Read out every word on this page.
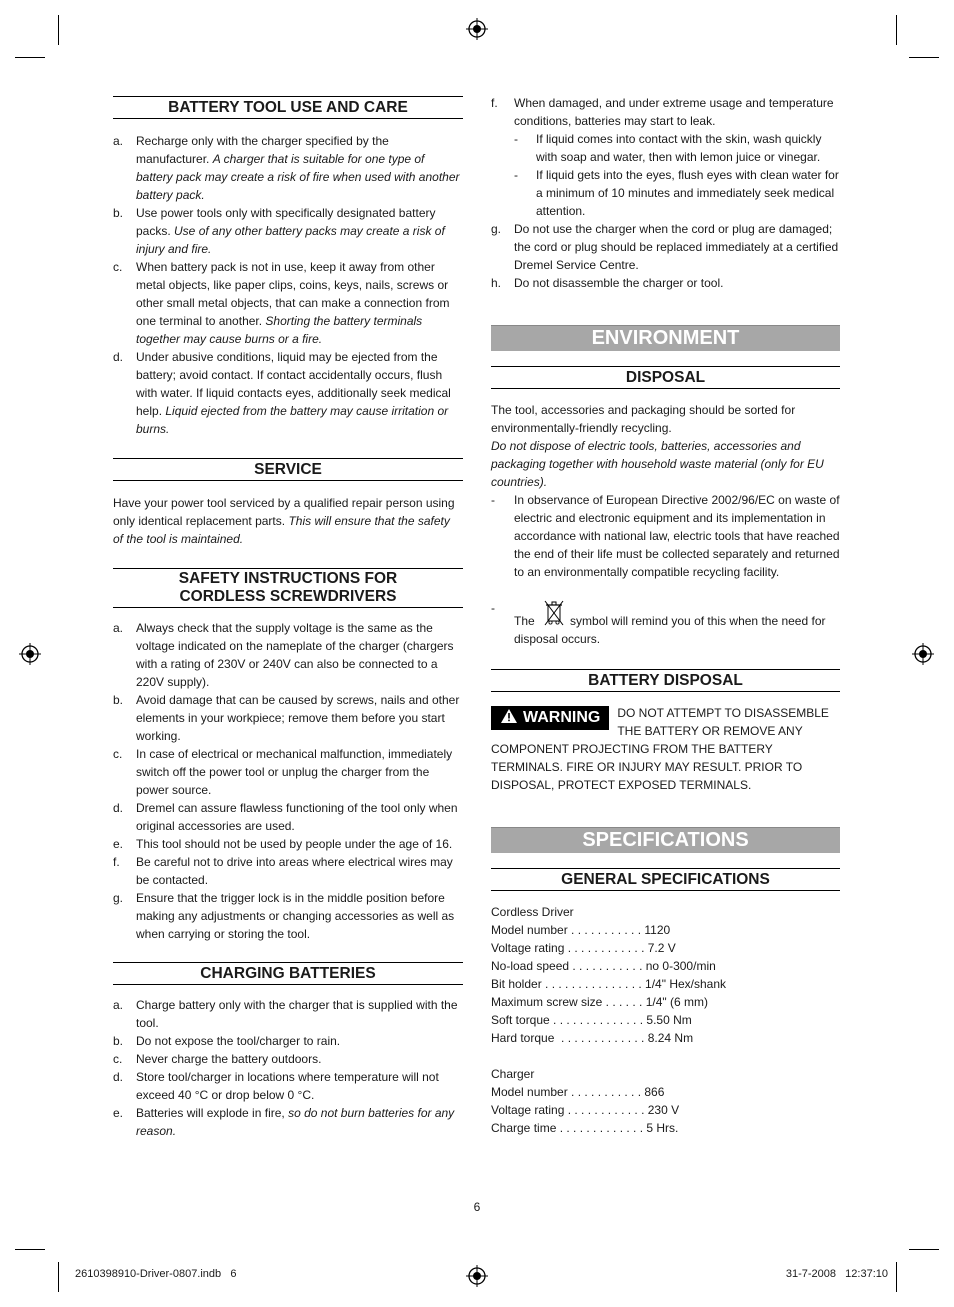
BATTERY TOOL USE AND CARE
a. Recharge only with the charger specified by the manufacturer. A charger that is suitable for one type of battery pack may create a risk of fire when used with another battery pack.
b. Use power tools only with specifically designated battery packs. Use of any other battery packs may create a risk of injury and fire.
c. When battery pack is not in use, keep it away from other metal objects, like paper clips, coins, keys, nails, screws or other small metal objects, that can make a connection from one terminal to another. Shorting the battery terminals together may cause burns or a fire.
d. Under abusive conditions, liquid may be ejected from the battery; avoid contact. If contact accidentally occurs, flush with water. If liquid contacts eyes, additionally seek medical help. Liquid ejected from the battery may cause irritation or burns.
SERVICE

Have your power tool serviced by a qualified repair person using only identical replacement parts. This will ensure that the safety of the tool is maintained.

SAFETY INSTRUCTIONS FOR
CORDLESS SCREWDRIVERS
a. Always check that the supply voltage is the same as the voltage indicated on the nameplate of the charger (chargers with a rating of 230V or 240V can also be connected to a 220V supply).
b. Avoid damage that can be caused by screws, nails and other elements in your workpiece; remove them before you start working.
c. In case of electrical or mechanical malfunction, immediately switch off the power tool or unplug the charger from the power source.
d. Dremel can assure flawless functioning of the tool only when original accessories are used.
e. This tool should not be used by people under the age of 16.
f. Be careful not to drive into areas where electrical wires may be contacted.
g. Ensure that the trigger lock is in the middle position before making any adjustments or changing accessories as well as when carrying or storing the tool.
CHARGING BATTERIES
a. Charge battery only with the charger that is supplied with the tool.
b. Do not expose the tool/charger to rain.
c. Never charge the battery outdoors.
d. Store tool/charger in locations where temperature will not exceed 40 °C or drop below 0 °C.
e. Batteries will explode in fire, so do not burn batteries for any reason.
f. When damaged, and under extreme usage and temperature conditions, batteries may start to leak.
- If liquid comes into contact with the skin, wash quickly with soap and water, then with lemon juice or vinegar.
- If liquid gets into the eyes, flush eyes with clean water for a minimum of 10 minutes and immediately seek medical attention.
g. Do not use the charger when the cord or plug are damaged; the cord or plug should be replaced immediately at a certified Dremel Service Centre.
h. Do not disassemble the charger or tool.
ENVIRONMENT
DISPOSAL

The tool, accessories and packaging should be sorted for environmentally-friendly recycling.

Do not dispose of electric tools, batteries, accessories and packaging together with household waste material (only for EU countries).

- In observance of European Directive 2002/96/EC on waste of electric and electronic equipment and its implementation in accordance with national law, electric tools that have reached the end of their life must be collected separately and returned to an environmentally compatible recycling facility.
-
The	symbol will remind you of this when the need for disposal occurs.
BATTERY DISPOSAL

WARNING	DO NOT ATTEMPT TO DISASSEMBLE THE BATTERY OR REMOVE ANY COMPONENT PROJECTING FROM THE BATTERY TERMINALS. FIRE OR INJURY MAY RESULT. PRIOR TO DISPOSAL, PROTECT EXPOSED TERMINALS.

SPECIFICATIONS
GENERAL SPECIFICATIONS
Cordless Driver
Model number . . . . . . . . . . . 1120
Voltage rating . . . . . . . . . . . . 7.2 V
No-load speed . . . . . . . . . . . no 0-300/min
Bit holder . . . . . . . . . . . . . . . 1/4" Hex/shank
Maximum screw size . . . . . . 1/4" (6 mm)
Soft torque . . . . . . . . . . . . . . 5.50 Nm
Hard torque  . . . . . . . . . . . . . 8.24 Nm
Charger
Model number . . . . . . . . . . . 866
Voltage rating . . . . . . . . . . . . 230 V
Charge time . . . . . . . . . . . . . 5 Hrs.
6
2610398910-Driver-0807.indb   6	31-7-2008   12:37:10
